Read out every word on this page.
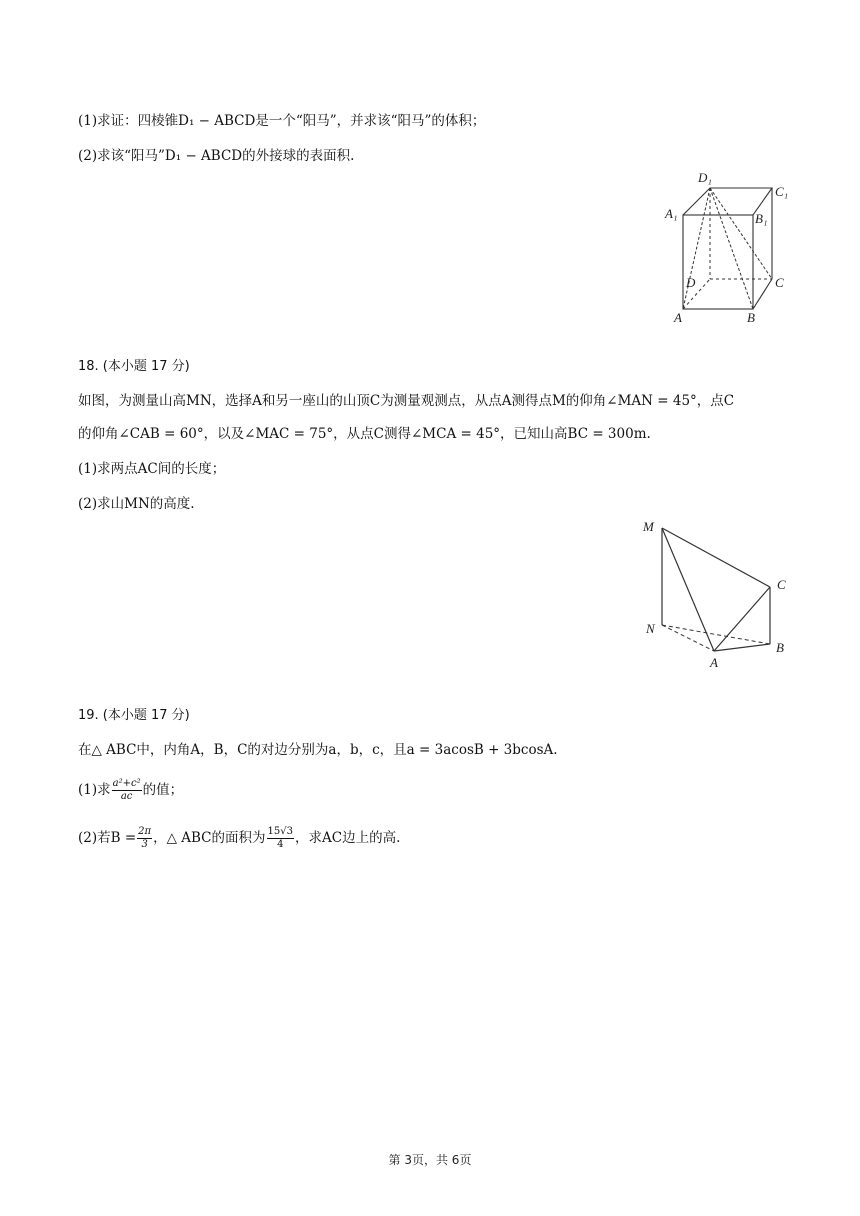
(1)求证：四棱锥D₁ − ABCD是一个“阳马”，并求该“阳马”的体积；
(2)求该“阳马”D₁ − ABCD的外接球的表面积.
D₁
C₁
A₁	B₁
D	C
A	B
18. (本小题 17 分)
如图，为测量山高MN，选择A和另一座山的山顶C为测量观测点，从点A测得点M的仰角∠MAN = 45°，点C
的仰角∠CAB = 60°，以及∠MAC = 75°，从点C测得∠MCA = 45°，已知山高BC = 300m.
(1)求两点AC间的长度；
(2)求山MN的高度.
M
C
N
B
A
19. (本小题 17 分)
在△ ABC中，内角A，B，C的对边分别为a，b，c，且a = 3acosB + 3bcosA.
(1)求 $\frac{\text{a²+c²}}{ac}$ 的值；
(2)若$B = \frac{2\pi}{3}$ ，△ ABC的面积为 $\frac{15√3}{4}$ ，求AC边上的高.
第 3页，共 6页
